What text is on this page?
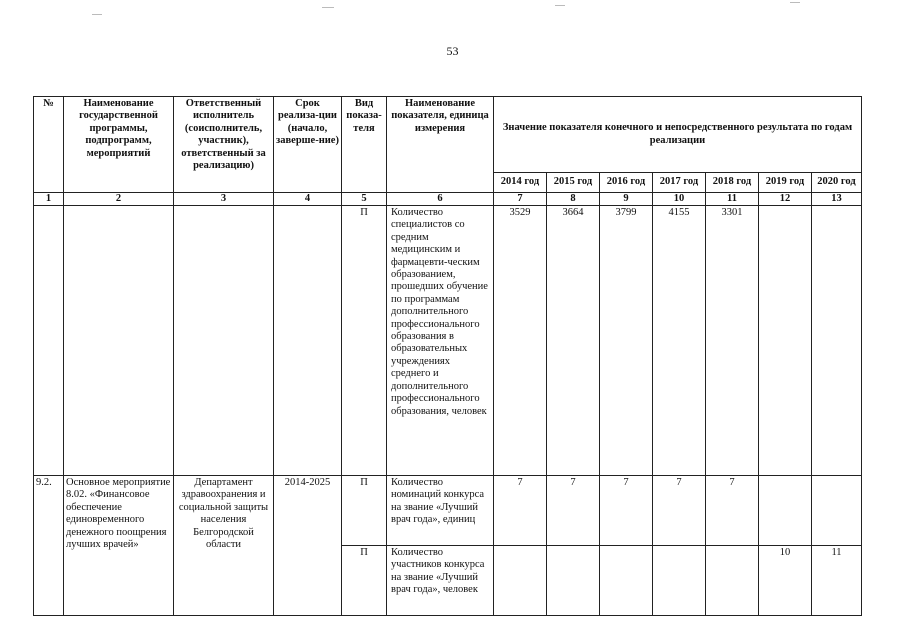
53
№	Наименование государственной программы, подпрограмм, мероприятий	Ответственный исполнитель (соисполнитель, участник), ответственный за реализацию)	Срок реализа-ции (начало, заверше-ние)	Вид показа-теля	Наименование показателя, единица измерения	Значение показателя конечного и непосредственного результата по годам реализации						
						2014 год	2015 год	2016 год	2017 год	2018 год	2019 год	2020 год
1	2	3	4	5	6	7	8	9	10	11	12	13
				П	Количество специалистов со средним медицинским и фармацевти-ческим образованием, прошедших обучение по программам дополнительного профессионального образования в образовательных учреждениях среднего и дополнительного профессионального образования, человек	3529	3664	3799	4155	3301		
9.2.	Основное мероприятие 8.02. «Финансовое обеспечение единовременного денежного поощрения лучших врачей»	Департамент здравоохранения и социальной защиты населения Белгородской области	2014-2025	П	Количество номинаций конкурса на звание «Лучший врач года», единиц	7	7	7	7	7		
				П	Количество участников конкурса на звание «Лучший врач года», человек						10	11
